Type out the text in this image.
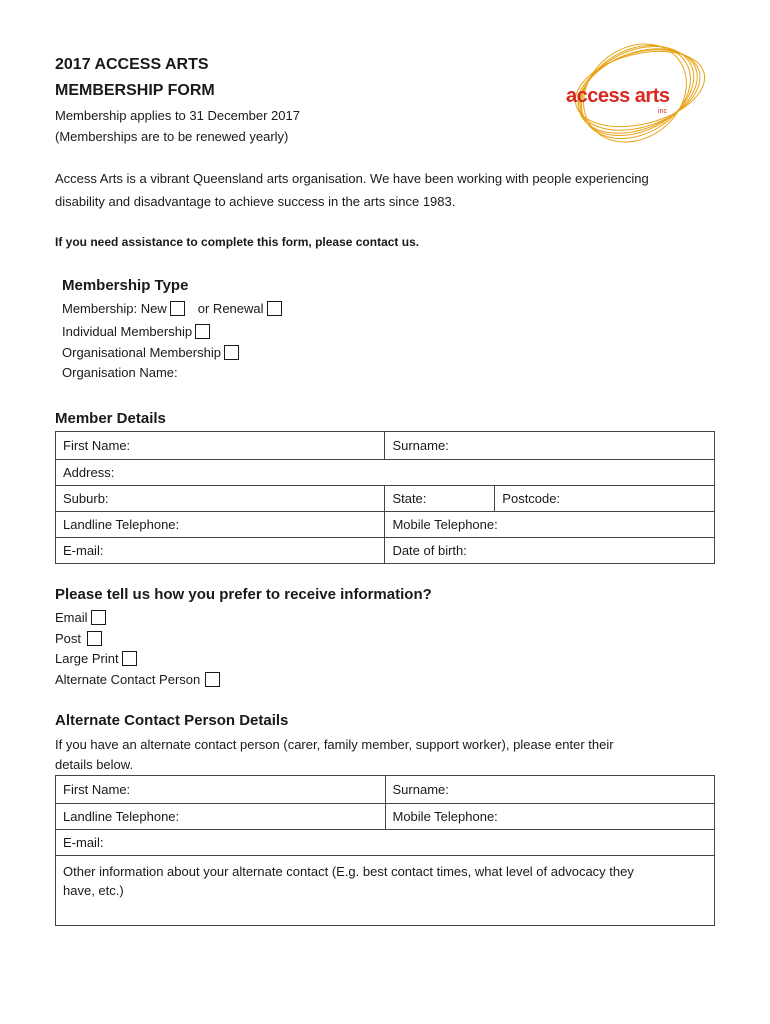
2017 ACCESS ARTS
MEMBERSHIP FORM
Membership applies to 31 December 2017
(Memberships are to be renewed yearly)
access arts
inc
Access Arts is a vibrant Queensland arts organisation. We have been working with people experiencing
disability and disadvantage to achieve success in the arts since 1983.
If you need assistance to complete this form, please contact us.
Membership Type
Membership: New or Renewal
Individual Membership
Organisational Membership
Organisation Name:
Member Details
First Name:	Surname:	
Address:		
Suburb:	State:	Postcode:
Landline Telephone:	Mobile Telephone:	
E-mail:	Date of birth:	
Please tell us how you prefer to receive information?
Email
Post
Large Print
Alternate Contact Person
Alternate Contact Person Details
If you have an alternate contact person (carer, family member, support worker), please enter their
details below.
First Name:	Surname:
Landline Telephone:	Mobile Telephone:
E-mail:	

Other information about your alternate contact (E.g. best contact times, what level of advocacy they
have, etc.)	
